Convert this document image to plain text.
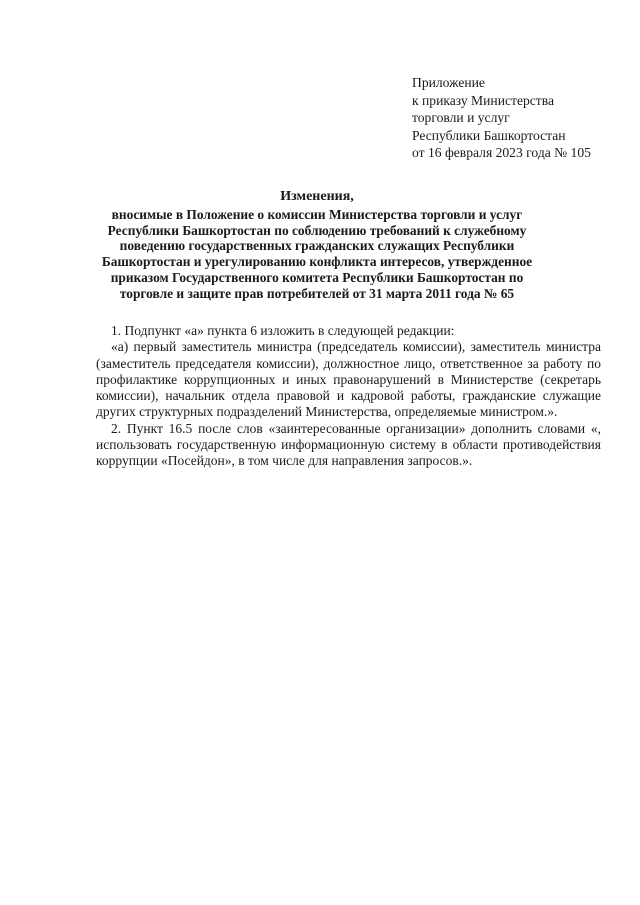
Приложение
к приказу Министерства
торговли и услуг
Республики Башкортостан
от 16 февраля 2023 года № 105
Изменения,
вносимые в Положение о комиссии Министерства торговли и услуг Республики Башкортостан по соблюдению требований к служебному поведению государственных гражданских служащих Республики Башкортостан и урегулированию конфликта интересов, утвержденное приказом Государственного комитета Республики Башкортостан по торговле и защите прав потребителей от 31 марта 2011 года № 65

1. Подпункт «а» пункта 6 изложить в следующей редакции:

«а) первый заместитель министра (председатель комиссии), заместитель министра (заместитель председателя комиссии), должностное лицо, ответственное за работу по профилактике коррупционных и иных правонарушений в Министерстве (секретарь комиссии), начальник отдела правовой и кадровой работы, гражданские служащие других структурных подразделений Министерства, определяемые министром.».

2. Пункт 16.5 после слов «заинтересованные организации» дополнить словами «, использовать государственную информационную систему в области противодействия коррупции «Посейдон», в том числе для направления запросов.».
